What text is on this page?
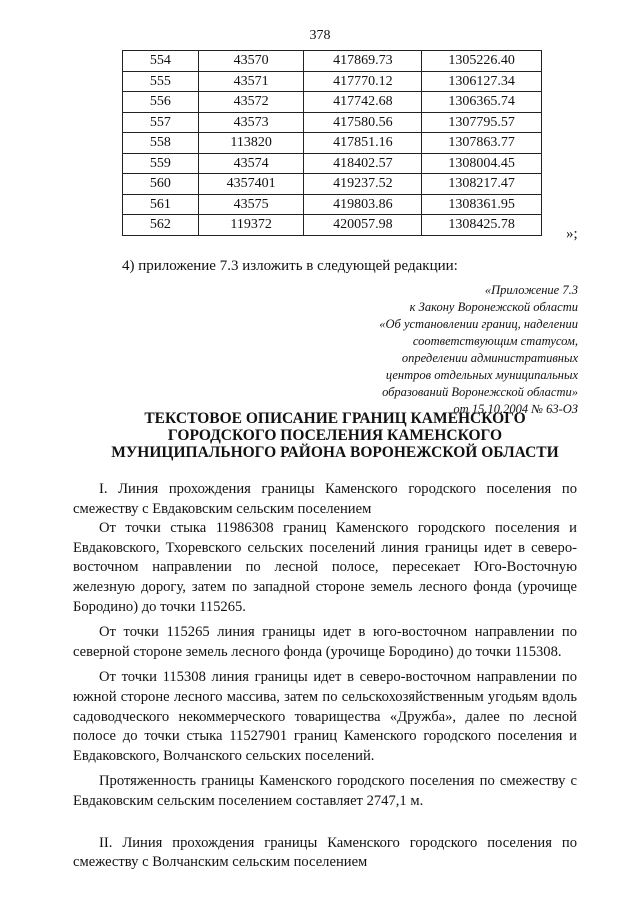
378
554	43570	417869.73	1305226.40
555	43571	417770.12	1306127.34
556	43572	417742.68	1306365.74
557	43573	417580.56	1307795.57
558	113820	417851.16	1307863.77
559	43574	418402.57	1308004.45
560	4357401	419237.52	1308217.47
561	43575	419803.86	1308361.95
562	119372	420057.98	1308425.78
»;
4) приложение 7.3 изложить в следующей редакции:
«Приложение 7.3
к Закону Воронежской области
«Об установлении границ, наделении
соответствующим статусом,
определении административных
центров отдельных муниципальных
образований Воронежской области»
от 15.10.2004 № 63-ОЗ
ТЕКСТОВОЕ ОПИСАНИЕ ГРАНИЦ КАМЕНСКОГО
ГОРОДСКОГО ПОСЕЛЕНИЯ КАМЕНСКОГО
МУНИЦИПАЛЬНОГО РАЙОНА ВОРОНЕЖСКОЙ ОБЛАСТИ

I. Линия прохождения границы Каменского городского поселения по смежеству с Евдаковским сельским поселением

От точки стыка 11986308 границ Каменского городского поселения и Евдаковского, Тхоревского сельских поселений линия границы идет в северо-восточном направлении по лесной полосе, пересекает Юго-Восточную железную дорогу, затем по западной стороне земель лесного фонда (урочище Бородино) до точки 115265.

От точки 115265 линия границы идет в юго-восточном направлении по северной стороне земель лесного фонда (урочище Бородино) до точки 115308.

От точки 115308 линия границы идет в северо-восточном направлении по южной стороне лесного массива, затем по сельскохозяйственным угодьям вдоль садоводческого некоммерческого товарищества «Дружба», далее по лесной полосе до точки стыка 11527901 границ Каменского городского поселения и Евдаковского, Волчанского сельских поселений.

Протяженность границы Каменского городского поселения по смежеству с Евдаковским сельским поселением составляет 2747,1 м.

II. Линия прохождения границы Каменского городского поселения по смежеству с Волчанским сельским поселением
